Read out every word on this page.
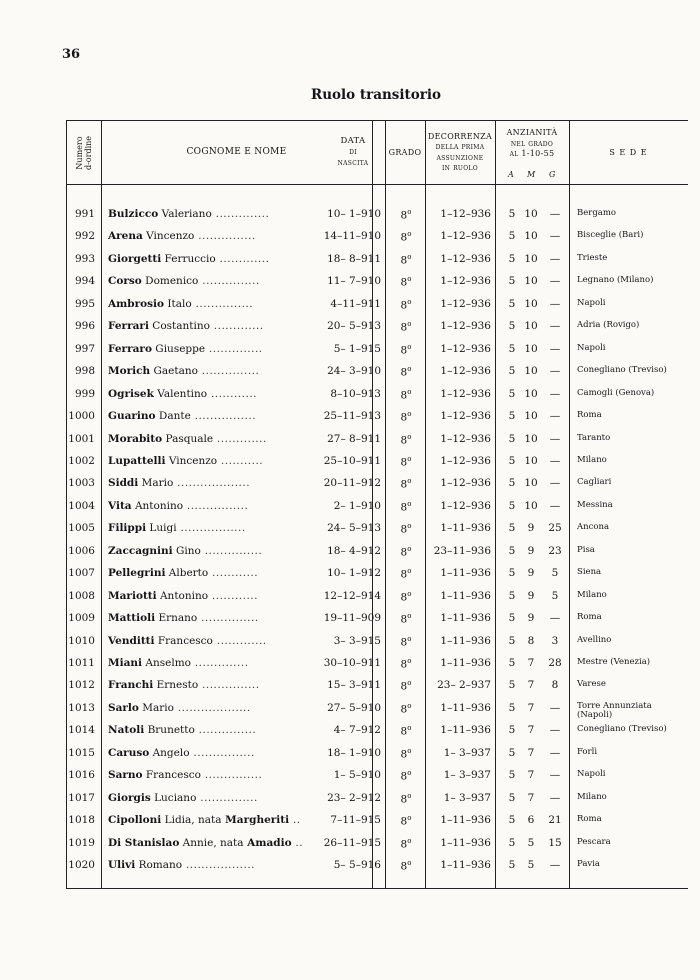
36
Ruolo transitorio
Numero
d-ordine	COGNOME E NOME
DATA
di
nascita
GRADO
DECORRENZA
della prima
assunzione
in ruolo
ANZIANITÀ
nel grado
al 1-10-55
A M G
S E D E
991 Bulzicco Valeriano ..............	10– 1–910	8$^o$	1–12–936	5 10	—	Bergamo
992 Arena Vincenzo ...............	14–11–910	8$^o$	1–12–936	5 10	—	Bisceglie (Bari)
993 Giorgetti Ferruccio .............	18– 8–911	8$^o$	1–12–936	5 10	—	Trieste
994 Corso Domenico ...............	11– 7–910	8$^o$	1–12–936	5 10	—	Legnano (Milano)
995 Ambrosio Italo ...............	4–11–911	8$^o$	1–12–936	5 10	—	Napoli
996 Ferrari Costantino .............	20– 5–913	8$^o$	1–12–936	5 10	—	Adria (Rovigo)
997 Ferraro Giuseppe ..............	5– 1–915	8$^o$	1–12–936	5 10	—	Napoli
998 Morich Gaetano ...............	24– 3–910	8$^o$	1–12–936	5 10	—	Conegliano (Treviso)
999 Ogrisek Valentino ............	8–10–913	8$^o$	1–12–936	5 10	—	Camogli (Genova)
1000 Guarino Dante ................	25–11–913	8$^o$	1–12–936	5 10	—	Roma
1001 Morabito Pasquale .............	27– 8–911	8$^o$	1–12–936	5 10	—	Taranto
1002 Lupattelli Vincenzo ...........	25–10–911	8$^o$	1–12–936	5 10	—	Milano
1003 Siddi Mario ...................	20–11–912	8$^o$	1–12–936	5 10	—	Cagliari
1004 Vita Antonino ................	2– 1–910	8$^o$	1–12–936	5 10	—	Messina
1005 Filippi Luigi .................	24– 5–913	8$^o$	1–11–936	5	9	25	Ancona
1006 Zaccagnini Gino ...............	18– 4–912	8$^o$	23–11–936	5	9	23	Pisa
1007 Pellegrini Alberto ............	10– 1–912	8$^o$	1–11–936	5	9	5	Siena
1008 Mariotti Antonino ............	12–12–914	8$^o$	1–11–936	5	9	5	Milano
1009 Mattioli Ernano ...............	19–11–909	8$^o$	1–11–936	5	9	—	Roma
1010 Venditti Francesco .............	3– 3–915	8$^o$	1–11–936	5	8	3	Avellino
1011 Miani Anselmo ..............	30–10–911	8$^o$	1–11–936	5	7	28	Mestre (Venezia)
1012 Franchi Ernesto ...............	15– 3–911	8$^o$	23– 2–937	5	7	8	Varese
1013 Sarlo Mario ...................	27– 5–910	8$^o$	1–11–936	5	7	—	Torre Annunziata (Napoli)
1014 Natoli Brunetto ...............	4– 7–912	8$^o$	1–11–936	5	7	—	Conegliano (Treviso)
1015 Caruso Angelo ................	18– 1–910	8$^o$	1– 3–937	5	7	—	Forlì
1016 Sarno Francesco ...............	1– 5–910	8$^o$	1– 3–937	5	7	—	Napoli
1017 Giorgis Luciano ...............	23– 2–912	8$^o$	1– 3–937	5	7	—	Milano
1018 Cipolloni Lidia, nata Margheriti ..	7–11–915	8$^o$	1–11–936	5	6	21	Roma
1019 Di Stanislao Annie, nata Amadio ..	26–11–915	8$^o$	1–11–936	5	5	15	Pescara
1020 Ulivi Romano ..................	5– 5–916	8$^o$	1–11–936	5	5	—	Pavia
